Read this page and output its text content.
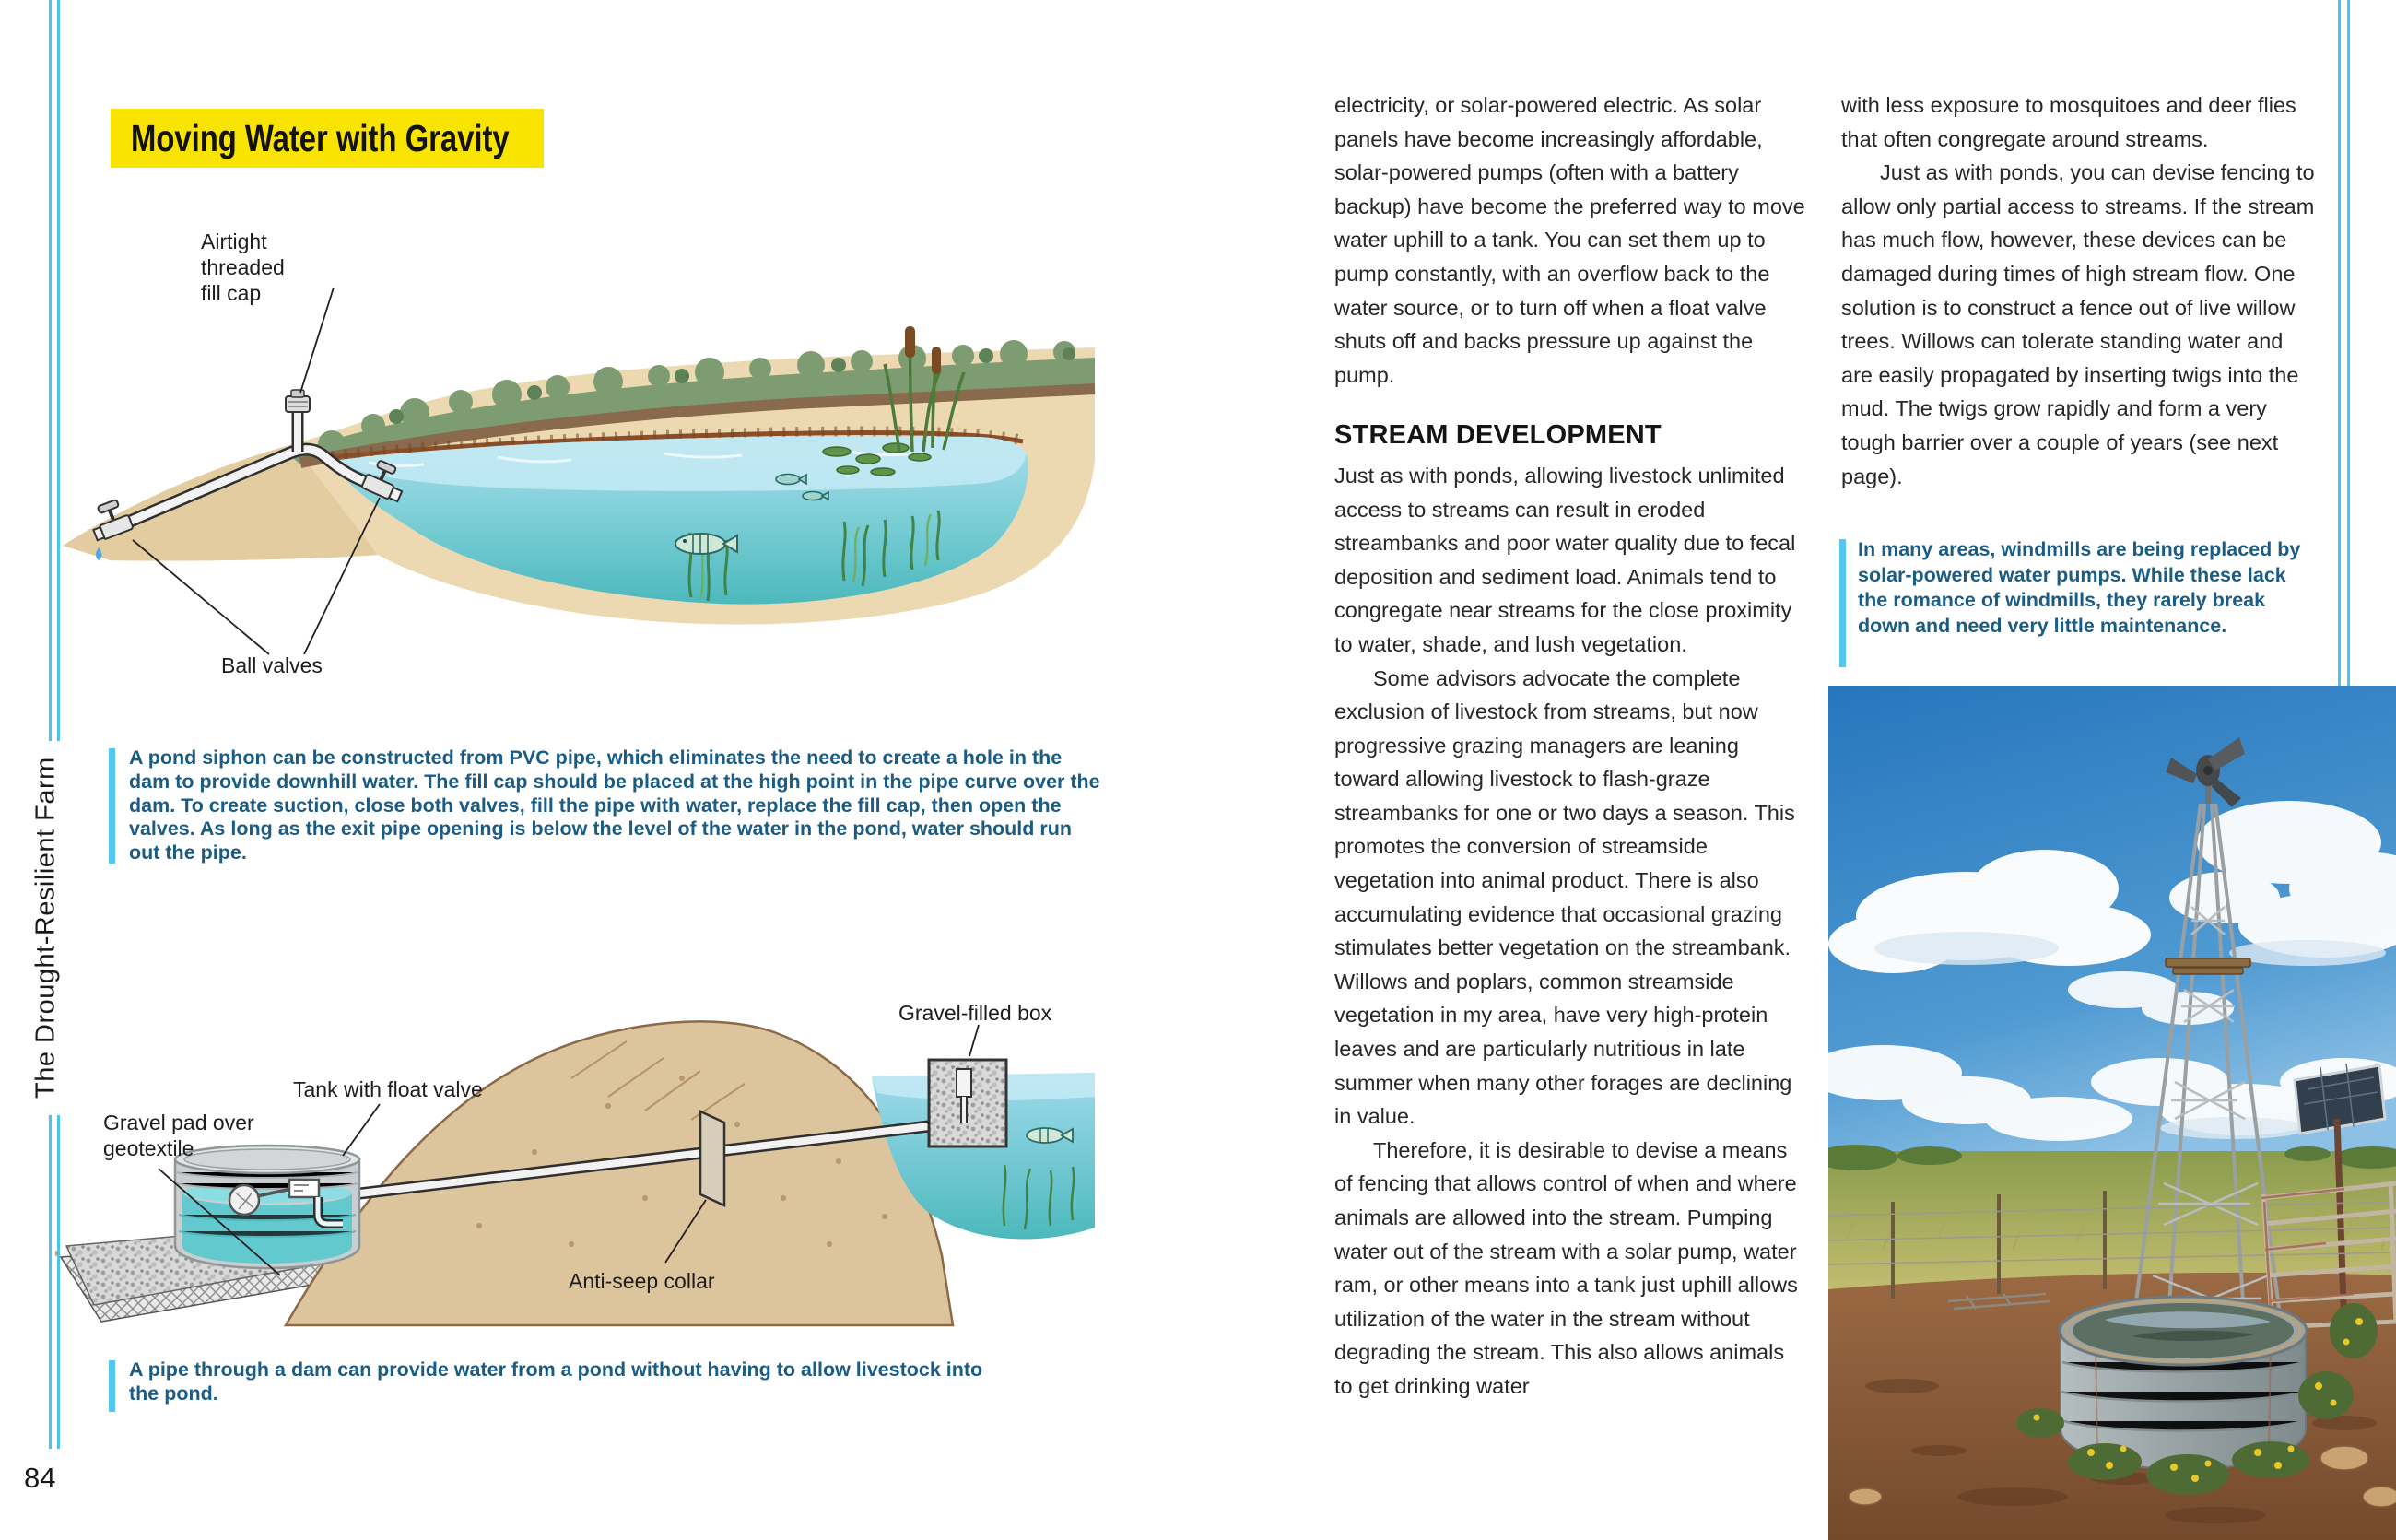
The Drought-Resilient Farm
84
Moving Water with Gravity
Airtight threaded fill cap
Ball valves
A pond siphon can be constructed from PVC pipe, which eliminates the need to create a hole in the dam to provide downhill water. The fill cap should be placed at the high point in the pipe curve over the dam. To create suction, close both valves, fill the pipe with water, replace the fill cap, then open the valves. As long as the exit pipe opening is below the level of the water in the pond, water should run out the pipe.
Gravel-filled box
Tank with float valve
Gravel pad over geotextile
Anti-seep collar
A pipe through a dam can provide water from a pond without having to allow livestock into the pond.

electricity, or solar-powered electric. As solar panels have become increasingly affordable, solar-powered pumps (often with a battery backup) have become the preferred way to move water uphill to a tank. You can set them up to pump constantly, with an overflow back to the water source, or to turn off when a float valve shuts off and backs pressure up against the pump.

STREAM DEVELOPMENT

Just as with ponds, allowing livestock unlimited access to streams can result in eroded streambanks and poor water quality due to fecal deposition and sediment load. Animals tend to congregate near streams for the close proximity to water, shade, and lush vegetation.

Some advisors advocate the complete exclusion of livestock from streams, but now progressive grazing managers are leaning toward allowing livestock to flash-graze streambanks for one or two days a season. This promotes the conversion of streamside vegetation into animal product. There is also accumulating evidence that occasional grazing stimulates better vegetation on the streambank. Willows and poplars, common streamside vegetation in my area, have very high-protein leaves and are particularly nutritious in late summer when many other forages are declining in value.

Therefore, it is desirable to devise a means of fencing that allows control of when and where animals are allowed into the stream. Pumping water out of the stream with a solar pump, water ram, or other means into a tank just uphill allows utilization of the water in the stream without degrading the stream. This also allows animals to get drinking water

with less exposure to mosquitoes and deer flies that often congregate around streams.

Just as with ponds, you can devise fencing to allow only partial access to streams. If the stream has much flow, however, these devices can be damaged during times of high stream flow. One solution is to construct a fence out of live willow trees. Willows can tolerate standing water and are easily propagated by inserting twigs into the mud. The twigs grow rapidly and form a very tough barrier over a couple of years (see next page).

In many areas, windmills are being replaced by solar-powered water pumps. While these lack the romance of windmills, they rarely break down and need very little maintenance.
